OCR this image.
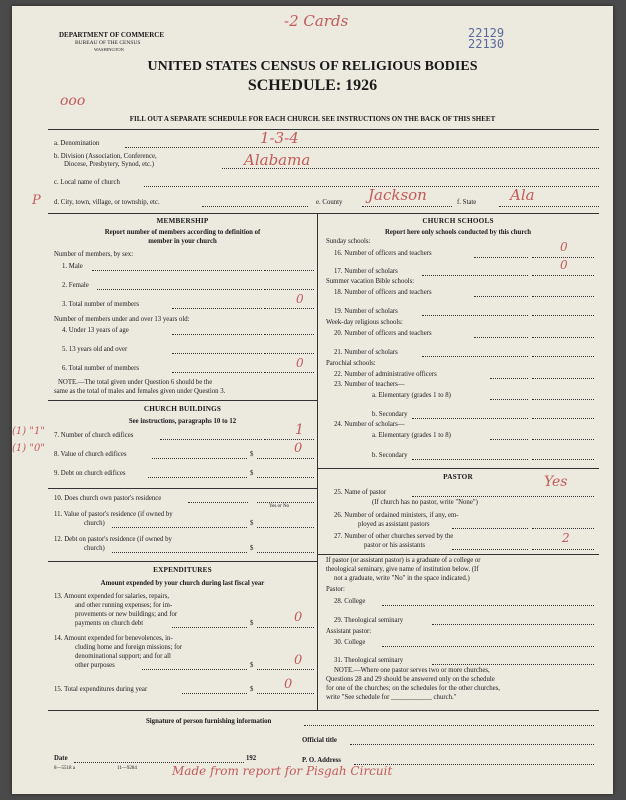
DEPARTMENT OF COMMERCE
BUREAU OF THE CENSUS
WASHINGTON
-2 Cards
22129
22130
UNITED STATES CENSUS OF RELIGIOUS BODIES
SCHEDULE: 1926
ooo
FILL OUT A SEPARATE SCHEDULE FOR EACH CHURCH. SEE INSTRUCTIONS ON THE BACK OF THIS SHEET
a. Denomination	1-3-4
b. Division (Association, Conference,
Diocese, Presbytery, Synod, etc.)	Alabama
c. Local name of church
P d. City, town, village, or township, etc.	e. County Jackson	f. State Ala
MEMBERSHIP
Report number of members according to definition of
member in your church
Number of members, by sex:
1. Male
2. Female
3. Total number of members	0
Number of members under and over 13 years old:
4. Under 13 years of age
5. 13 years old and over
6. Total number of members	0
NOTE.—The total given under Question 6 should be the
same as the total of males and females given under Question 3.
CHURCH BUILDINGS
See instructions, paragraphs 10 to 12
(1) "1" 7. Number of church edifices	1
(1) "0"
8. Value of church edifices	$	0
9. Debt on church edifices	$
10. Does church own pastor's residence
Yes or No
11. Value of pastor's residence (if owned by
church)	$
12. Debt on pastor's residence (if owned by
church)	$
EXPENDITURES
Amount expended by your church during last fiscal year
13. Amount expended for salaries, repairs,
and other running expenses; for im-
provements or new buildings; and for
payments on church debt	$	0
14. Amount expended for benevolences, in-
cluding home and foreign missions; for
denominational support; and for all
other purposes	$	0
15. Total expenditures during year	$ 0
CHURCH SCHOOLS
Report here only schools conducted by this church
Sunday schools:
16. Number of officers and teachers	0
17. Number of scholars	0
Summer vacation Bible schools:
18. Number of officers and teachers
19. Number of scholars
Week-day religious schools:
20. Number of officers and teachers
21. Number of scholars
Parochial schools:
22. Number of administrative officers
23. Number of teachers—
a. Elementary (grades 1 to 8)
b. Secondary
24. Number of scholars—
a. Elementary (grades 1 to 8)
b. Secondary
PASTOR
25. Name of pastor
Yes
(If church has no pastor, write "None")
26. Number of ordained ministers, if any, em-
ployed as assistant pastors
27. Number of other churches served by the
pastor or his assistants
2
If pastor (or assistant pastor) is a graduate of a college or
theological seminary, give name of institution below. (If
not a graduate, write "No" in the space indicated.)
Pastor:
28. College
29. Theological seminary
Assistant pastor:
30. College
31. Theological seminary
NOTE.—Where one pastor serves two or more churches,
Questions 28 and 29 should be answered only on the schedule
for one of the churches; on the schedules for the other churches,
write "See schedule for ____________ church."
Signature of person furnishing information
Official title
Date	192	P. O. Address
8—5518 a	11—9284	Made from report for Pisgah Circuit
